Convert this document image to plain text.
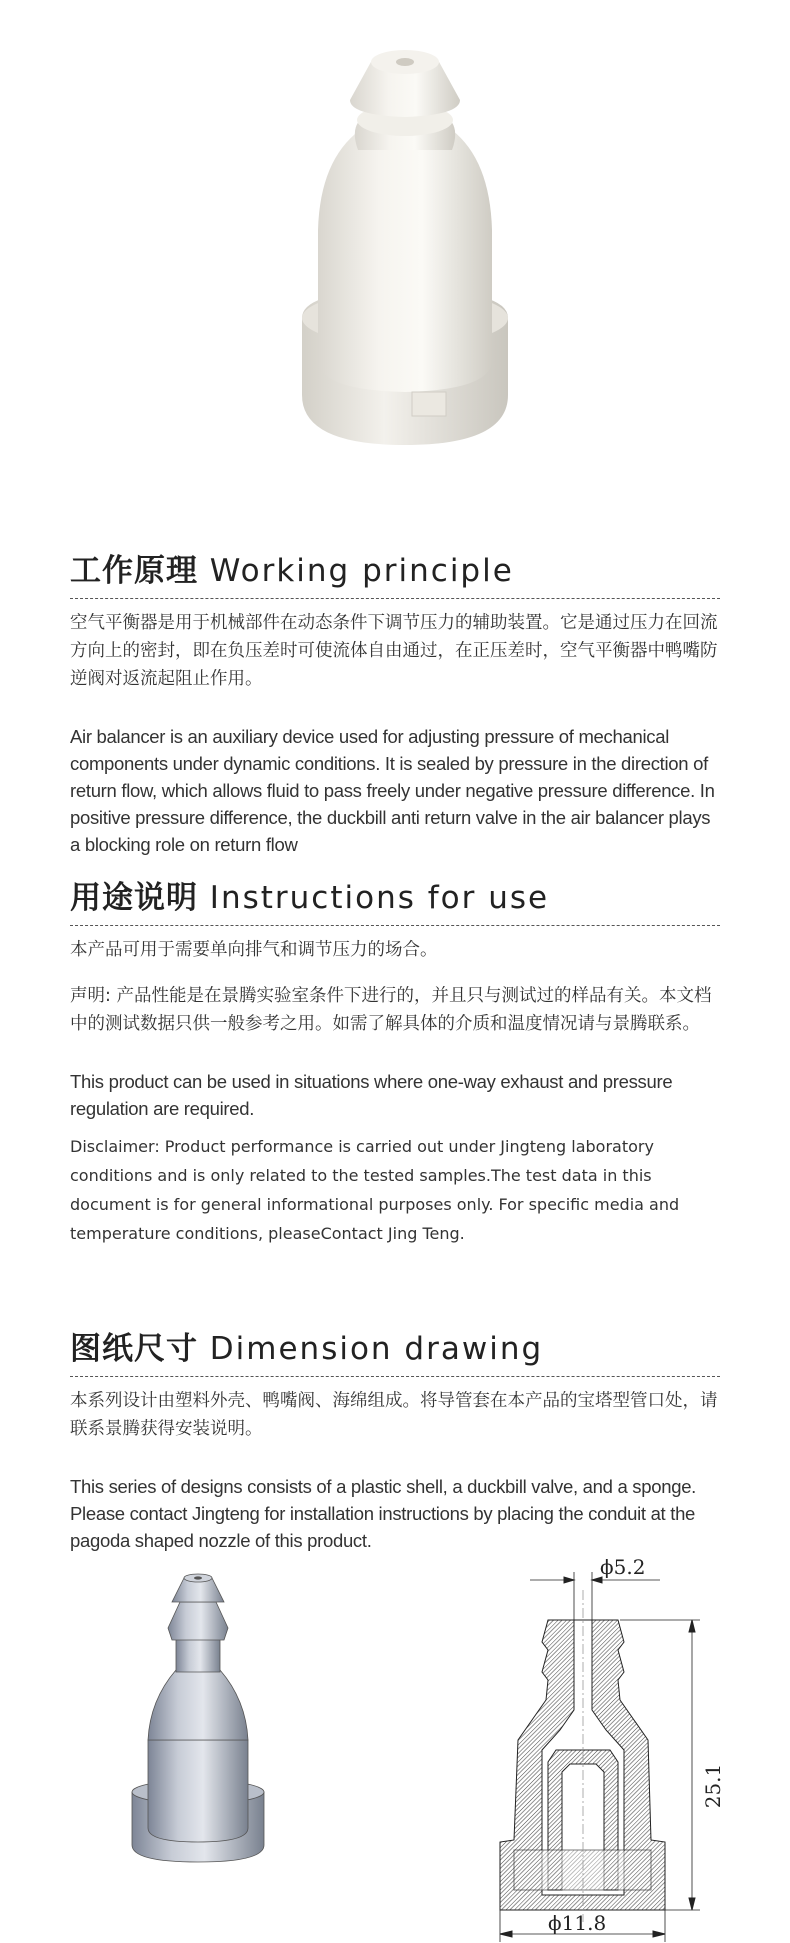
工作原理 Working principle

空气平衡器是用于机械部件在动态条件下调节压力的辅助装置。它是通过压力在回流方向上的密封，即在负压差时可使流体自由通过，在正压差时，空气平衡器中鸭嘴防逆阀对返流起阻止作用。

Air balancer is an auxiliary device used for adjusting pressure of mechanical components under dynamic conditions. It is sealed by pressure in the direction of return flow, which allows fluid to pass freely under negative pressure difference. In positive pressure difference, the duckbill anti return valve in the air balancer plays a blocking role on return flow

用途说明 Instructions for use

本产品可用于需要单向排气和调节压力的场合。

声明: 产品性能是在景腾实验室条件下进行的，并且只与测试过的样品有关。本文档中的测试数据只供一般参考之用。如需了解具体的介质和温度情况请与景腾联系。

This product can be used in situations where one-way exhaust and pressure regulation are required.

Disclaimer: Product performance is carried out under Jingteng laboratory conditions and is only related to the tested samples.The test data in this document is for general informational purposes only. For specific media and temperature conditions, pleaseContact Jing Teng.

图纸尺寸 Dimension drawing

本系列设计由塑料外壳、鸭嘴阀、海绵组成。将导管套在本产品的宝塔型管口处，请联系景腾获得安装说明。

This series of designs consists of a plastic shell, a duckbill valve, and a sponge. Please contact Jingteng for installation instructions by placing the conduit at the pagoda shaped nozzle of this product.

ϕ5.2
25.1
ϕ11.8
